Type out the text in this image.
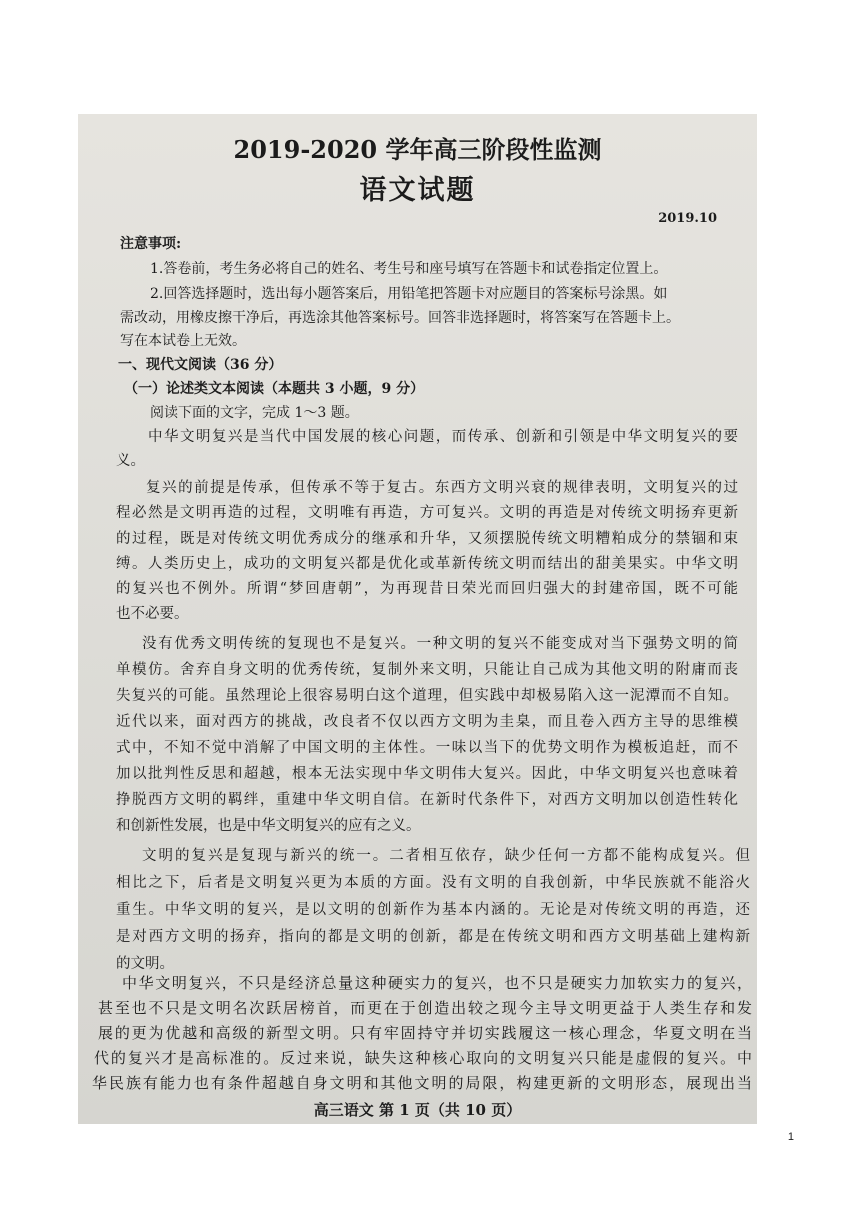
2019-2020 学年高三阶段性监测
语文试题
2019.10
注意事项:
1.答卷前，考生务必将自己的姓名、考生号和座号填写在答题卡和试卷指定位置上。
2.回答选择题时，选出每小题答案后，用铅笔把答题卡对应题目的答案标号涂黑。如
需改动，用橡皮擦干净后，再选涂其他答案标号。回答非选择题时，将答案写在答题卡上。
写在本试卷上无效。
一、现代文阅读（36 分）
（一）论述类文本阅读（本题共 3 小题，9 分）
阅读下面的文字，完成 1～3 题。
中华文明复兴是当代中国发展的核心问题，而传承、创新和引领是中华文明复兴的要
义。
复兴的前提是传承，但传承不等于复古。东西方文明兴衰的规律表明，文明复兴的过
程必然是文明再造的过程，文明唯有再造，方可复兴。文明的再造是对传统文明扬弃更新
的过程，既是对传统文明优秀成分的继承和升华，又须摆脱传统文明糟粕成分的禁锢和束
缚。人类历史上，成功的文明复兴都是优化或革新传统文明而结出的甜美果实。中华文明
的复兴也不例外。所谓“梦回唐朝”，为再现昔日荣光而回归强大的封建帝国，既不可能
也不必要。
没有优秀文明传统的复现也不是复兴。一种文明的复兴不能变成对当下强势文明的简
单模仿。舍弃自身文明的优秀传统，复制外来文明，只能让自己成为其他文明的附庸而丧
失复兴的可能。虽然理论上很容易明白这个道理，但实践中却极易陷入这一泥潭而不自知。
近代以来，面对西方的挑战，改良者不仅以西方文明为圭臬，而且卷入西方主导的思维模
式中，不知不觉中消解了中国文明的主体性。一味以当下的优势文明作为模板追赶，而不
加以批判性反思和超越，根本无法实现中华文明伟大复兴。因此，中华文明复兴也意味着
挣脱西方文明的羁绊，重建中华文明自信。在新时代条件下，对西方文明加以创造性转化
和创新性发展，也是中华文明复兴的应有之义。
文明的复兴是复现与新兴的统一。二者相互依存，缺少任何一方都不能构成复兴。但
相比之下，后者是文明复兴更为本质的方面。没有文明的自我创新，中华民族就不能浴火
重生。中华文明的复兴，是以文明的创新作为基本内涵的。无论是对传统文明的再造，还
是对西方文明的扬弃，指向的都是文明的创新，都是在传统文明和西方文明基础上建构新
的文明。
中华文明复兴，不只是经济总量这种硬实力的复兴，也不只是硬实力加软实力的复兴，
甚至也不只是文明名次跃居榜首，而更在于创造出较之现今主导文明更益于人类生存和发
展的更为优越和高级的新型文明。只有牢固持守并切实践履这一核心理念，华夏文明在当
代的复兴才是高标准的。反过来说，缺失这种核心取向的文明复兴只能是虚假的复兴。中
华民族有能力也有条件超越自身文明和其他文明的局限，构建更新的文明形态，展现出当
高三语文 第 1 页（共 10 页）
1
